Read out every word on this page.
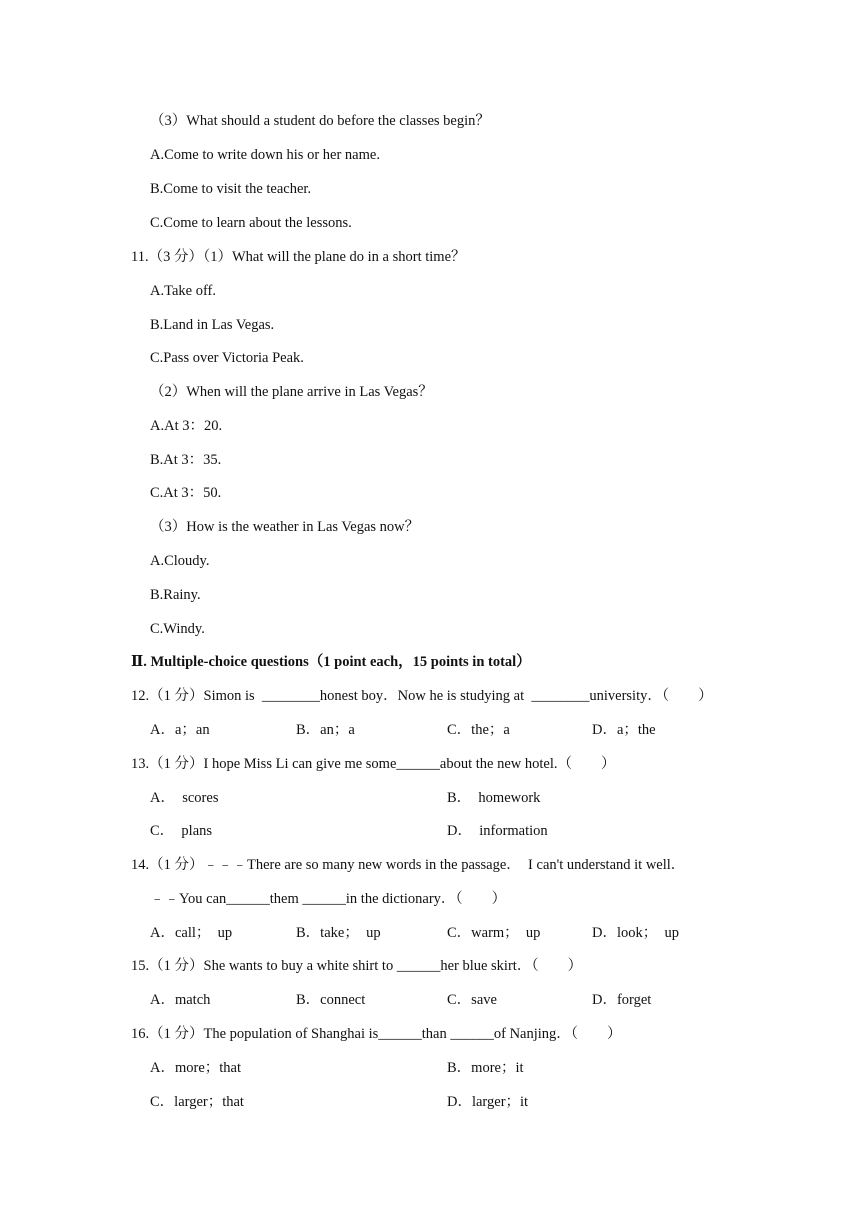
（3）What should a student do before the classes begin？
A.Come to write down his or her name.
B.Come to visit the teacher.
C.Come to learn about the lessons.
11.（3 分）（1）What will the plane do in a short time？
A.Take off.
B.Land in Las Vegas.
C.Pass over Victoria Peak.
（2）When will the plane arrive in Las Vegas？
A.At 3：20.
B.At 3：35.
C.At 3：50.
（3）How is the weather in Las Vegas now？
A.Cloudy.
B.Rainy.
C.Windy.
Ⅱ. Multiple-choice questions（1 point each，15 points in total）
12.（1 分）Simon is  ________honest boy．Now he is studying at  ________university．（        ）
A．a；an	B．an；a	C．the；a	D．a；the
13.（1 分）I hope Miss Li can give me some______about the new hotel.（        ）
A．  scores	B．  homework
C．  plans	D．  information
14.（1 分）﹣﹣﹣There are so many new words in the passage．  I can't understand it well．
﹣﹣You can______them ______in the dictionary．（        ）
A．call；  up	B．take；  up	C．warm；  up	D．look；  up
15.（1 分）She wants to buy a white shirt to ______her blue skirt．（        ）
A．match	B．connect	C．save	D．forget
16.（1 分）The population of Shanghai is______than ______of Nanjing．（        ）
A．more；that	B．more；it
C．larger；that	D．larger；it
